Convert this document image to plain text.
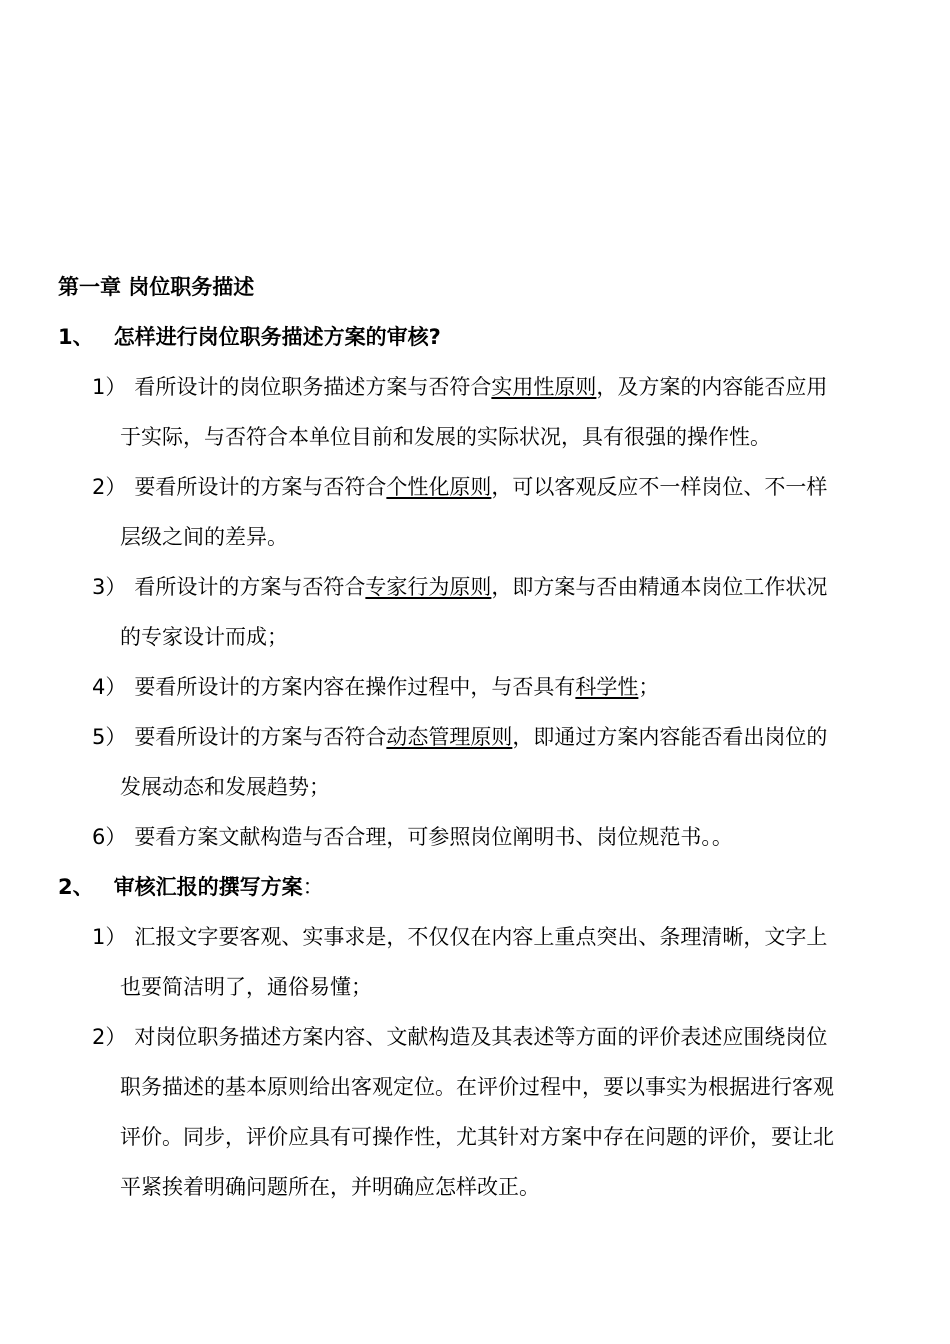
第一章 岗位职务描述
1、 怎样进行岗位职务描述方案的审核?
1） 看所设计的岗位职务描述方案与否符合实用性原则，及方案的内容能否应用
于实际，与否符合本单位目前和发展的实际状况，具有很强的操作性。
2） 要看所设计的方案与否符合个性化原则，可以客观反应不一样岗位、不一样
层级之间的差异。
3） 看所设计的方案与否符合专家行为原则，即方案与否由精通本岗位工作状况
的专家设计而成；
4） 要看所设计的方案内容在操作过程中，与否具有科学性；
5） 要看所设计的方案与否符合动态管理原则，即通过方案内容能否看出岗位的
发展动态和发展趋势；
6） 要看方案文献构造与否合理，可参照岗位阐明书、岗位规范书。。
2、 审核汇报的撰写方案：
1） 汇报文字要客观、实事求是，不仅仅在内容上重点突出、条理清晰，文字上
也要简洁明了，通俗易懂；
2） 对岗位职务描述方案内容、文献构造及其表述等方面的评价表述应围绕岗位
职务描述的基本原则给出客观定位。在评价过程中，要以事实为根据进行客观
评价。同步，评价应具有可操作性，尤其针对方案中存在问题的评价，要让北
平紧挨着明确问题所在，并明确应怎样改正。
